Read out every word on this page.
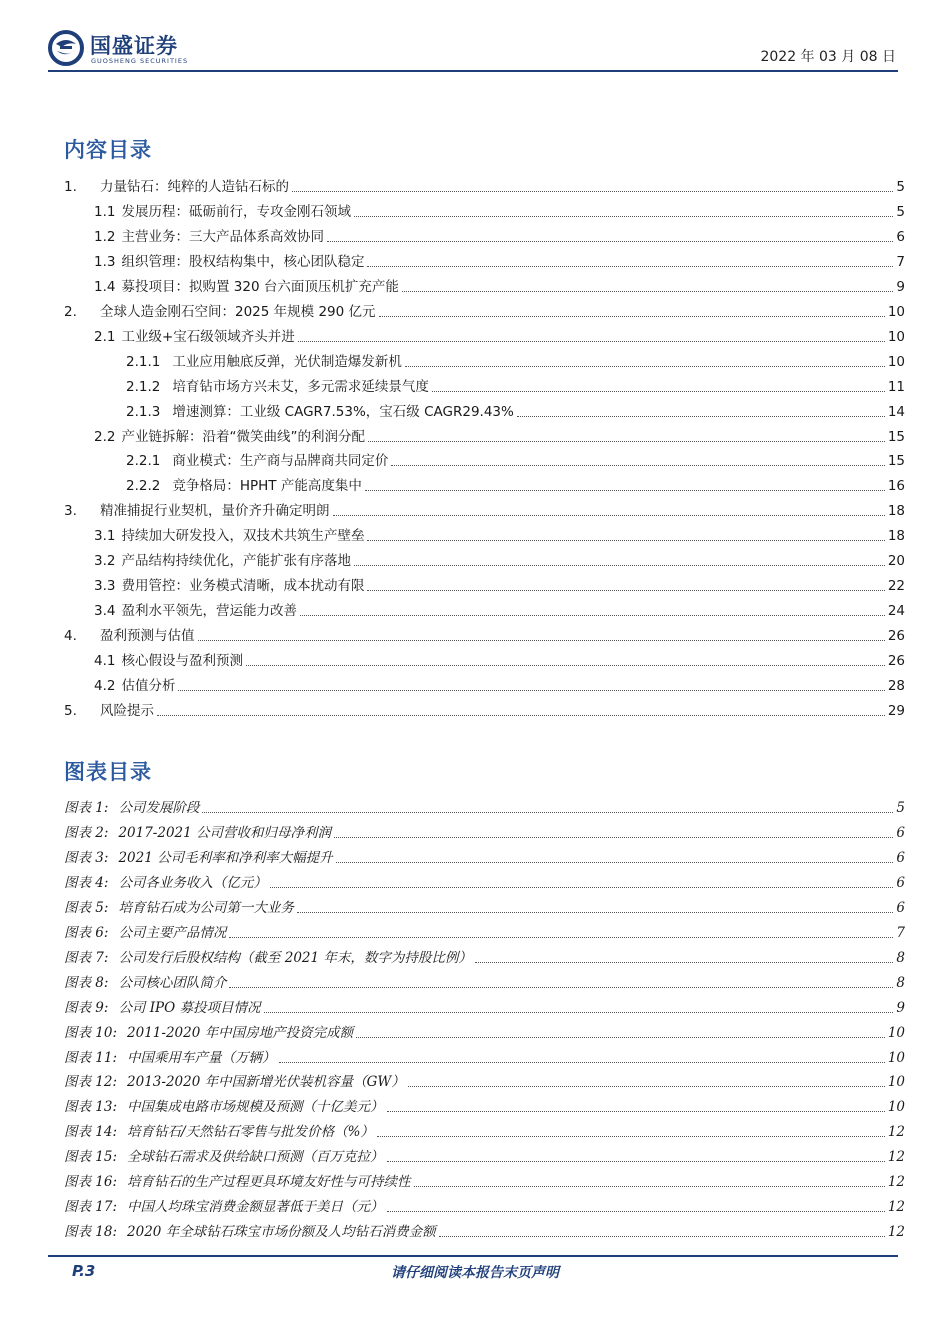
国盛证券
GUOSHENG SECURITIES	2022 年 03 月 08 日
内容目录
1.	力量钻石：纯粹的人造钻石标的	5
1.1 发展历程：砥砺前行，专攻金刚石领域	5
1.2 主营业务：三大产品体系高效协同	6
1.3 组织管理：股权结构集中，核心团队稳定	7
1.4 募投项目：拟购置 320 台六面顶压机扩充产能	9
2.	全球人造金刚石空间：2025 年规模 290 亿元	10
2.1 工业级+宝石级领域齐头并进	10
2.1.1 工业应用触底反弹，光伏制造爆发新机	10
2.1.2 培育钻市场方兴未艾，多元需求延续景气度	11
2.1.3 增速测算：工业级 CAGR7.53%，宝石级 CAGR29.43%	14
2.2 产业链拆解：沿着“微笑曲线”的利润分配	15
2.2.1 商业模式：生产商与品牌商共同定价	15
2.2.2 竞争格局：HPHT 产能高度集中	16
3.	精准捕捉行业契机，量价齐升确定明朗	18
3.1 持续加大研发投入，双技术共筑生产壁垒	18
3.2 产品结构持续优化，产能扩张有序落地	20
3.3 费用管控：业务模式清晰，成本扰动有限	22
3.4 盈利水平领先，营运能力改善	24
4.	盈利预测与估值	26
4.1 核心假设与盈利预测	26
4.2 估值分析	28
5.	风险提示	29
图表目录
图表 1: 公司发展阶段	5
图表 2: 2017-2021 公司营收和归母净利润	6
图表 3: 2021 公司毛利率和净利率大幅提升	6
图表 4: 公司各业务收入（亿元）	6
图表 5: 培育钻石成为公司第一大业务	6
图表 6: 公司主要产品情况	7
图表 7: 公司发行后股权结构（截至 2021 年末，数字为持股比例）	8
图表 8: 公司核心团队简介	8
图表 9: 公司 IPO 募投项目情况	9
图表 10: 2011-2020 年中国房地产投资完成额	10
图表 11: 中国乘用车产量（万辆）	10
图表 12: 2013-2020 年中国新增光伏装机容量（GW）	10
图表 13: 中国集成电路市场规模及预测（十亿美元）	10
图表 14: 培育钻石/天然钻石零售与批发价格（%）	12
图表 15: 全球钻石需求及供给缺口预测（百万克拉）	12
图表 16: 培育钻石的生产过程更具环境友好性与可持续性	12
图表 17: 中国人均珠宝消费金额显著低于美日（元）	12
图表 18: 2020 年全球钻石珠宝市场份额及人均钻石消费金额	12
P.3	请仔细阅读本报告末页声明
